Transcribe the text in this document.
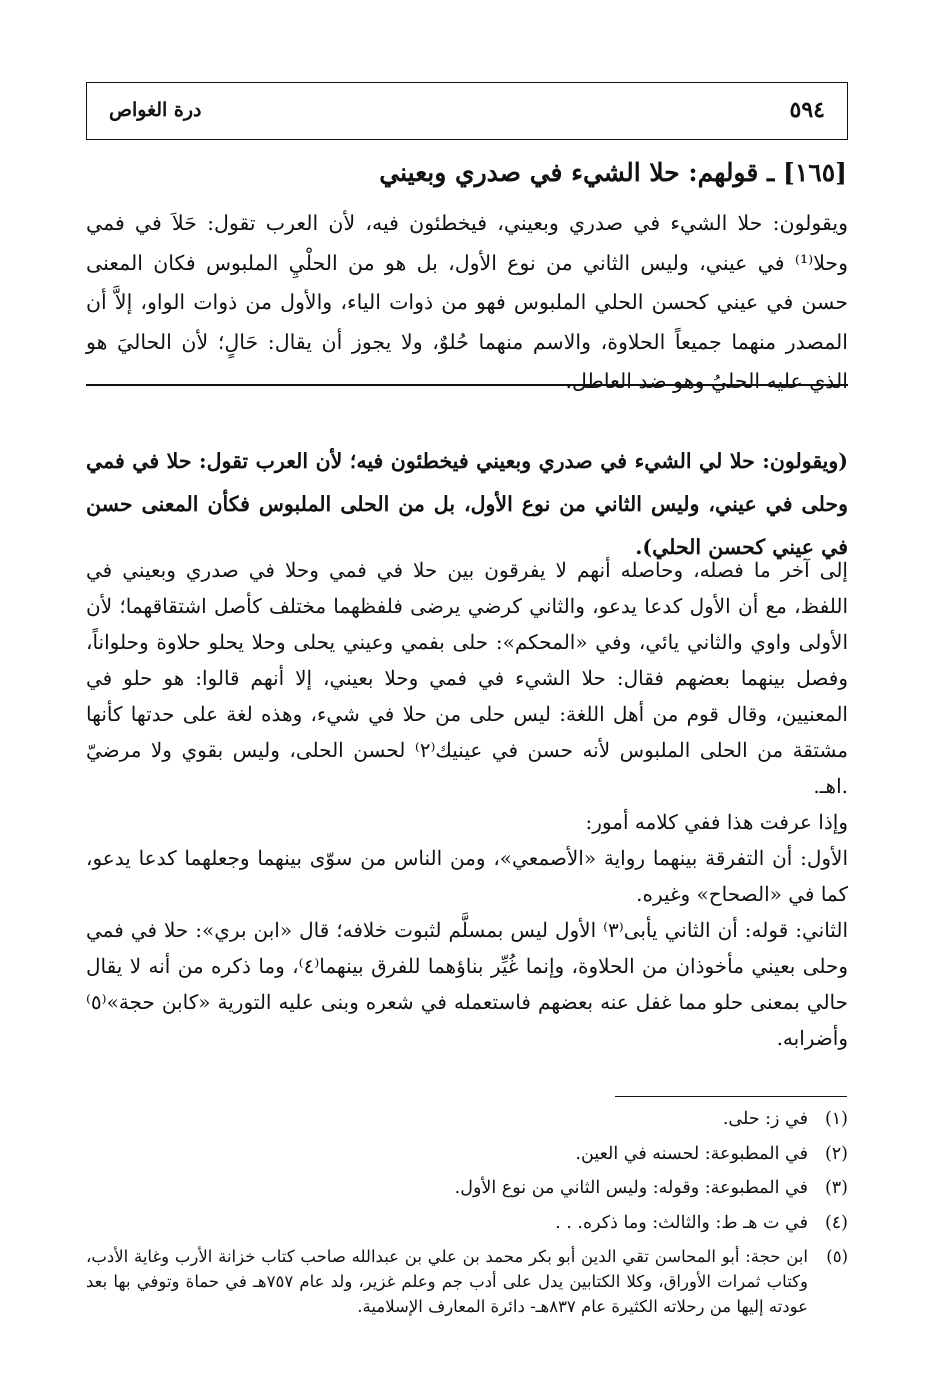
٥٩٤
درة الغواص
[١٦٥] ـ قولهم: حلا الشيء في صدري وبعيني

ويقولون: حلا الشيء في صدري وبعيني، فيخطئون فيه، لأن العرب تقول: حَلاَ في فمي وحلا⁽¹⁾ في عيني، وليس الثاني من نوع الأول، بل هو من الحلْيِ الملبوس فكان المعنى حسن في عيني كحسن الحلي الملبوس فهو من ذوات الياء، والأول من ذوات الواو، إلاَّ أن المصدر منهما جميعاً الحلاوة، والاسم منهما حُلوٌ، ولا يجوز أن يقال: حَالٍ؛ لأن الحاليَ هو الذي عليه الحليُ وهو ضد العاطل.

(ويقولون: حلا لي الشيء في صدري وبعيني فيخطئون فيه؛ لأن العرب تقول: حلا في فمي وحلى في عيني، وليس الثاني من نوع الأول، بل من الحلى الملبوس فكأن المعنى حسن في عيني كحسن الحلي).

إلى آخر ما فصله، وحاصله أنهم لا يفرقون بين حلا في فمي وحلا في صدري وبعيني في اللفظ، مع أن الأول كدعا يدعو، والثاني كرضي يرضى فلفظهما مختلف كأصل اشتقاقهما؛ لأن الأولى واوي والثاني يائي، وفي «المحكم»: حلى بفمي وعيني يحلى وحلا يحلو حلاوة وحلواناً، وفصل بينهما بعضهم فقال: حلا الشيء في فمي وحلا بعيني، إلا أنهم قالوا: هو حلو في المعنيين، وقال قوم من أهل اللغة: ليس حلى من حلا في شيء، وهذه لغة على حدتها كأنها مشتقة من الحلى الملبوس لأنه حسن في عينيك⁽٢⁾ لحسن الحلى، وليس بقوي ولا مرضيّ .اهـ.

وإذا عرفت هذا ففي كلامه أمور:

الأول: أن التفرقة بينهما رواية «الأصمعي»، ومن الناس من سوّى بينهما وجعلهما كدعا يدعو، كما في «الصحاح» وغيره.

الثاني: قوله: أن الثاني يأبى⁽٣⁾ الأول ليس بمسلَّم لثبوت خلافه؛ قال «ابن بري»: حلا في فمي وحلى بعيني مأخوذان من الحلاوة، وإنما غُيِّر بناؤهما للفرق بينهما⁽٤⁾، وما ذكره من أنه لا يقال حالي بمعنى حلو مما غفل عنه بعضهم فاستعمله في شعره وبنى عليه التورية «كابن حجة»⁽٥⁾ وأضرابه.

(١)
في ز: حلى.
(٢)
في المطبوعة: لحسنه في العين.
(٣)
في المطبوعة: وقوله: وليس الثاني من نوع الأول.
(٤)
في ت هـ ط: والثالث: وما ذكره. . .
(٥)
ابن حجة: أبو المحاسن تقي الدين أبو بكر محمد بن علي بن عبدالله صاحب كتاب خزانة الأرب وغاية الأدب، وكتاب ثمرات الأوراق، وكلا الكتابين يدل على أدب جم وعلم غزير، ولد عام ٧٥٧هـ في حماة وتوفي بها بعد عودته إليها من رحلاته الكثيرة عام ٨٣٧هـ- دائرة المعارف الإسلامية.
